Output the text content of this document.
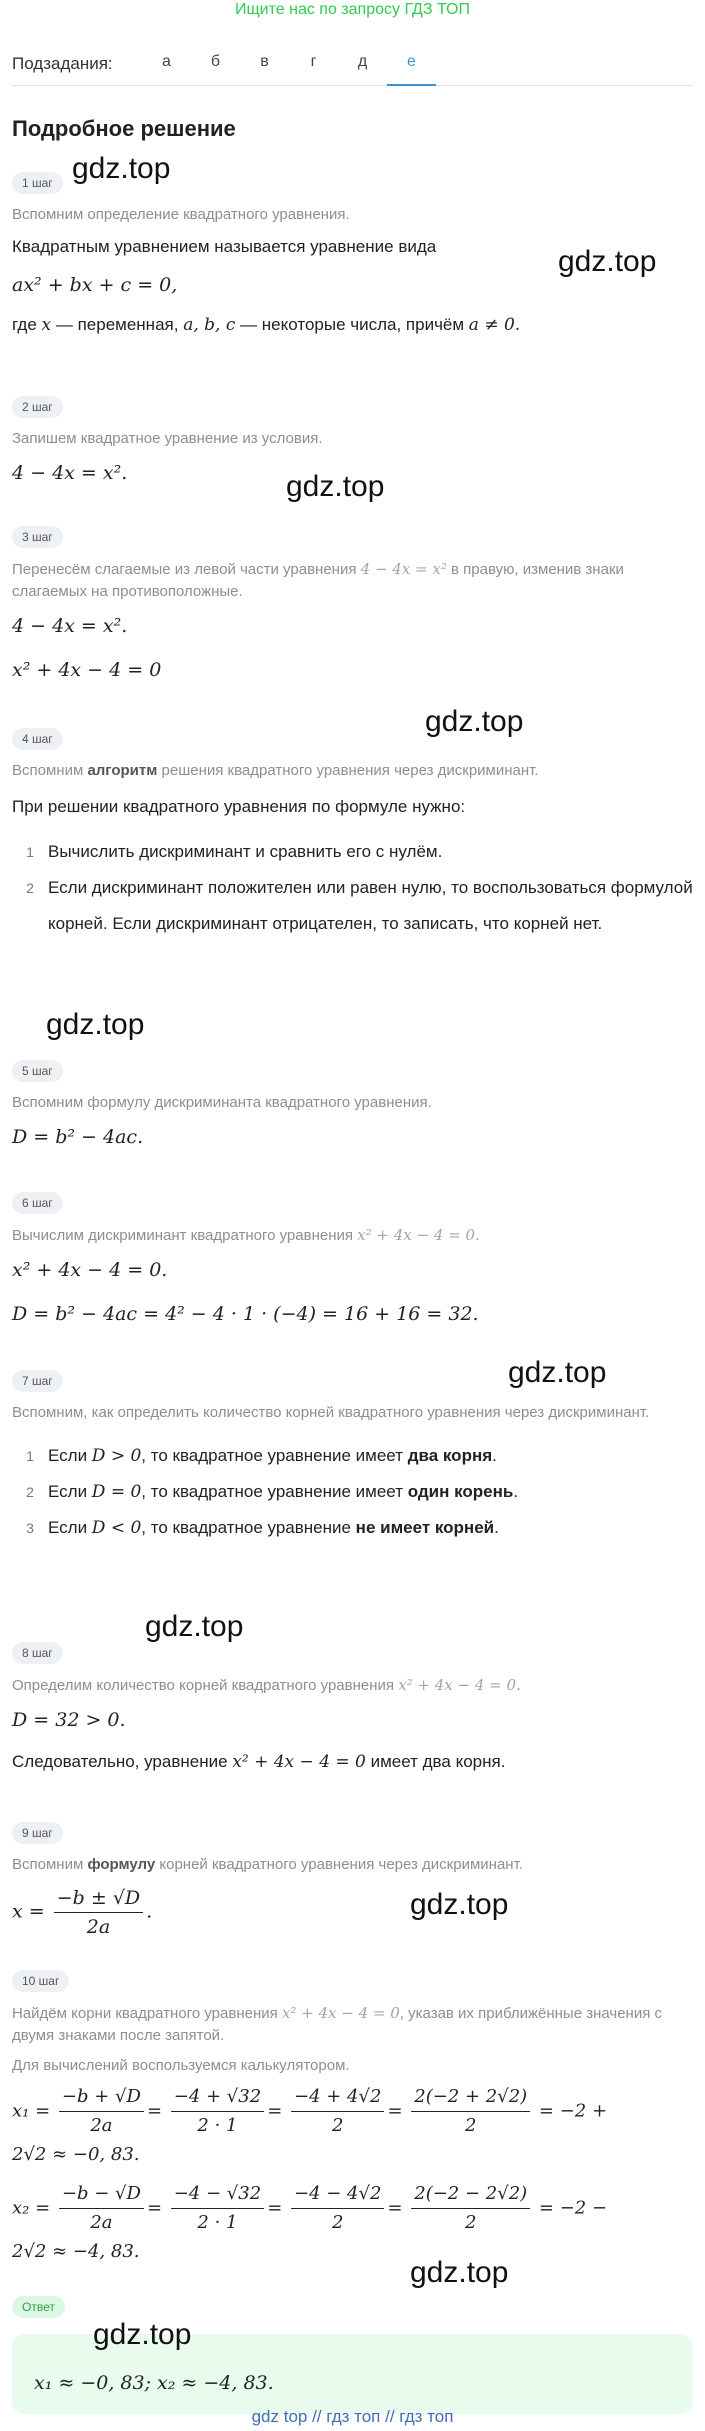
Ищите нас по запросу ГДЗ ТОП
Подзадания:	а	б	в	г	д	е
Подробное решение
1 шаг
Вспомним определение квадратного уравнения.
Квадратным уравнением называется уравнение вида
ax² + bx + c = 0,
где x — переменная, a, b, c — некоторые числа, причём a ≠ 0.
2 шаг
Запишем квадратное уравнение из условия.
4 − 4x = x².
3 шаг
Перенесём слагаемые из левой части уравнения 4 − 4x = x² в правую, изменив знаки слагаемых на противоположные.
4 − 4x = x².
x² + 4x − 4 = 0
4 шаг
Вспомним алгоритм решения квадратного уравнения через дискриминант.
При решении квадратного уравнения по формуле нужно:
1 Вычислить дискриминант и сравнить его с нулём.
2 Если дискриминант положителен или равен нулю, то воспользоваться формулой корней. Если дискриминант отрицателен, то записать, что корней нет.
5 шаг
Вспомним формулу дискриминанта квадратного уравнения.
D = b² − 4ac.
6 шаг
Вычислим дискриминант квадратного уравнения x² + 4x − 4 = 0.
x² + 4x − 4 = 0.
D = b² − 4ac = 4² − 4 · 1 · (−4) = 16 + 16 = 32.
7 шаг
Вспомним, как определить количество корней квадратного уравнения через дискриминант.
1 Если D > 0, то квадратное уравнение имеет два корня.
2 Если D = 0, то квадратное уравнение имеет один корень.
3 Если D < 0, то квадратное уравнение не имеет корней.
8 шаг
Определим количество корней квадратного уравнения x² + 4x − 4 = 0.
D = 32 > 0.
Следовательно, уравнение x² + 4x − 4 = 0 имеет два корня.
9 шаг
Вспомним формулу корней квадратного уравнения через дискриминант.
$x = \frac{-b \pm √D}{2a}$ .
10 шаг
Найдём корни квадратного уравнения x² + 4x − 4 = 0, указав их приближённые значения с двумя знаками после запятой.
Для вычислений воспользуемся калькулятором.
$x_1 = \frac{-b + √D}{2a} = \frac{-4 + √32}{2 \cdot 1} = \frac{-4 + 4√2}{2} = \frac{2(-2 + 2√2)}{2} = -2$ +
2√2 ≈ −0, 83.
$x_2 = \frac{-b - √D}{2a} = \frac{-4 - √32}{2 \cdot 1} = \frac{-4 - 4√2}{2} = \frac{2(-2 - 2√2)}{2} = -2$ −
2√2 ≈ −4, 83.
Ответ
x₁ ≈ −0, 83; x₂ ≈ −4, 83.
gdz.top
gdz.top
gdz.top
gdz.top
gdz.top
gdz.top
gdz.top
gdz.top
gdz.top
gdz.top
gdz top // гдз топ // гдз топ
